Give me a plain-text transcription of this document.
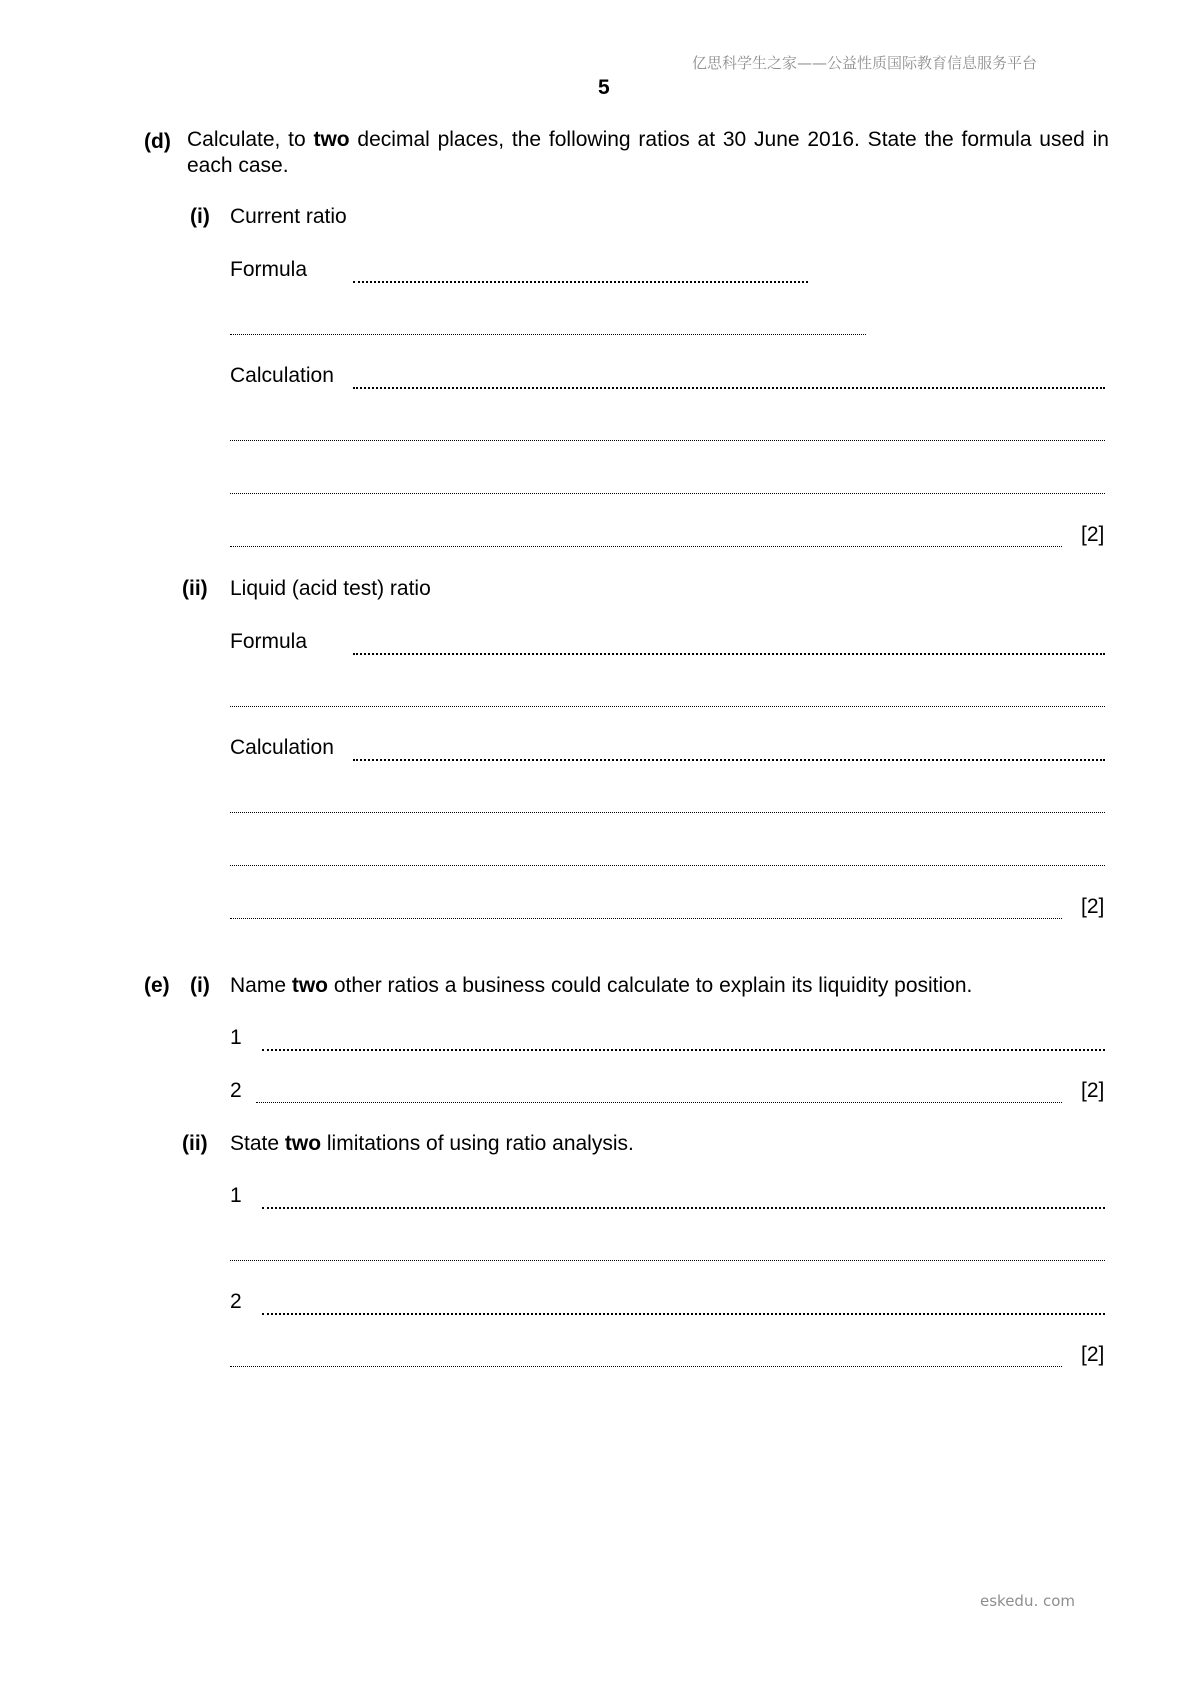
亿思科学生之家——公益性质国际教育信息服务平台
5
(d) Calculate, to two decimal places, the following ratios at 30 June 2016. State the formula used in each case.
(i) Current ratio
Formula
Calculation
[2]
(ii) Liquid (acid test) ratio
Formula
Calculation
[2]
(e) (i) Name two other ratios a business could calculate to explain its liquidity position.
1
2	[2]
(ii) State two limitations of using ratio analysis.
1
2
[2]
eskedu. com
